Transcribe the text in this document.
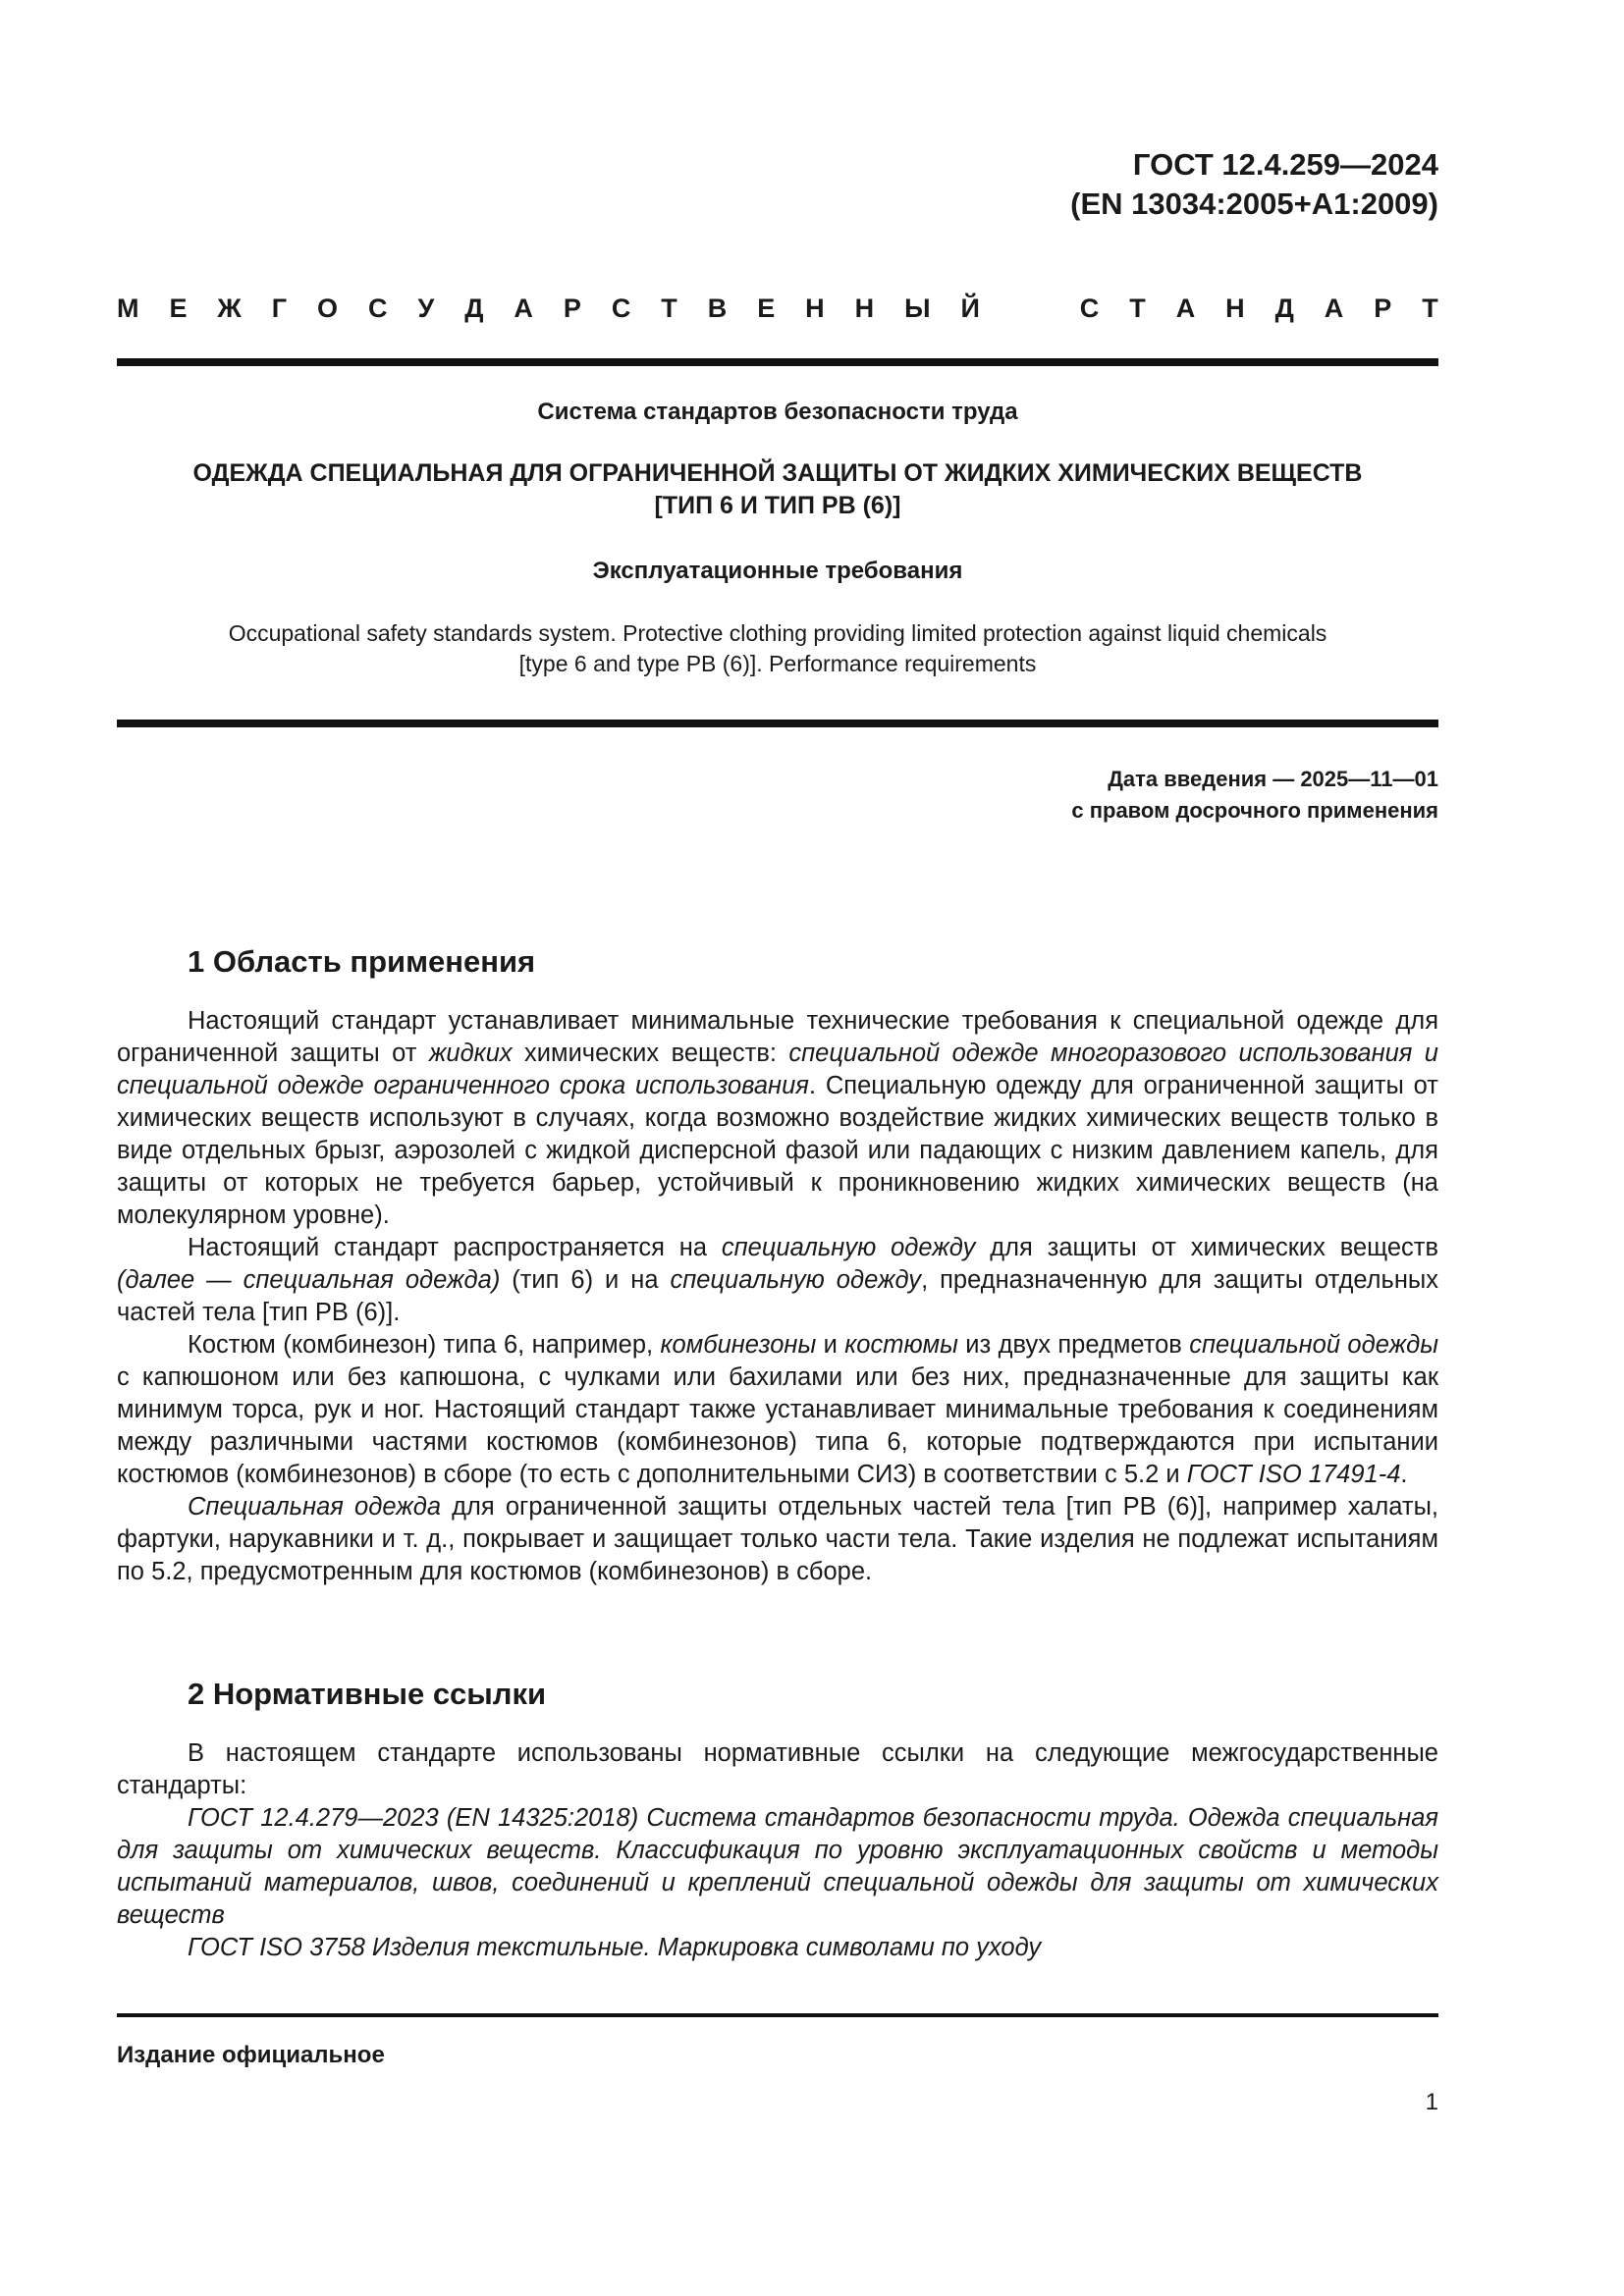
ГОСТ 12.4.259—2024
(EN 13034:2005+A1:2009)
М Е Ж Г О С У Д А Р С Т В Е Н Н Ы Й	С Т А Н Д А Р Т
Система стандартов безопасности труда
ОДЕЖДА СПЕЦИАЛЬНАЯ ДЛЯ ОГРАНИЧЕННОЙ ЗАЩИТЫ ОТ ЖИДКИХ ХИМИЧЕСКИХ ВЕЩЕСТВ
[ТИП 6 И ТИП РВ (6)]
Эксплуатационные требования
Occupational safety standards system. Protective clothing providing limited protection against liquid chemicals
[type 6 and type PB (6)]. Performance requirements
Дата введения — 2025—11—01
с правом досрочного применения
1 Область применения

Настоящий стандарт устанавливает минимальные технические требования к специальной одежде для ограниченной защиты от жидких химических веществ: специальной одежде многоразового использования и специальной одежде ограниченного срока использования. Специальную одежду для ограниченной защиты от химических веществ используют в случаях, когда возможно воздействие жидких химических веществ только в виде отдельных брызг, аэрозолей с жидкой дисперсной фазой или падающих с низким давлением капель, для защиты от которых не требуется барьер, устойчивый к проникновению жидких химических веществ (на молекулярном уровне).

Настоящий стандарт распространяется на специальную одежду для защиты от химических веществ (далее — специальная одежда) (тип 6) и на специальную одежду, предназначенную для защиты отдельных частей тела [тип РВ (6)].

Костюм (комбинезон) типа 6, например, комбинезоны и костюмы из двух предметов специальной одежды с капюшоном или без капюшона, с чулками или бахилами или без них, предназначенные для защиты как минимум торса, рук и ног. Настоящий стандарт также устанавливает минимальные требования к соединениям между различными частями костюмов (комбинезонов) типа 6, которые подтверждаются при испытании костюмов (комбинезонов) в сборе (то есть с дополнительными СИЗ) в соответствии с 5.2 и ГОСТ ISO 17491-4.

Специальная одежда для ограниченной защиты отдельных частей тела [тип РВ (6)], например халаты, фартуки, нарукавники и т. д., покрывает и защищает только части тела. Такие изделия не подлежат испытаниям по 5.2, предусмотренным для костюмов (комбинезонов) в сборе.

2 Нормативные ссылки

В настоящем стандарте использованы нормативные ссылки на следующие межгосударственные стандарты:

ГОСТ 12.4.279—2023 (EN 14325:2018) Система стандартов безопасности труда. Одежда специальная для защиты от химических веществ. Классификация по уровню эксплуатационных свойств и методы испытаний материалов, швов, соединений и креплений специальной одежды для защиты от химических веществ

ГОСТ ISO 3758 Изделия текстильные. Маркировка символами по уходу

Издание официальное
1
